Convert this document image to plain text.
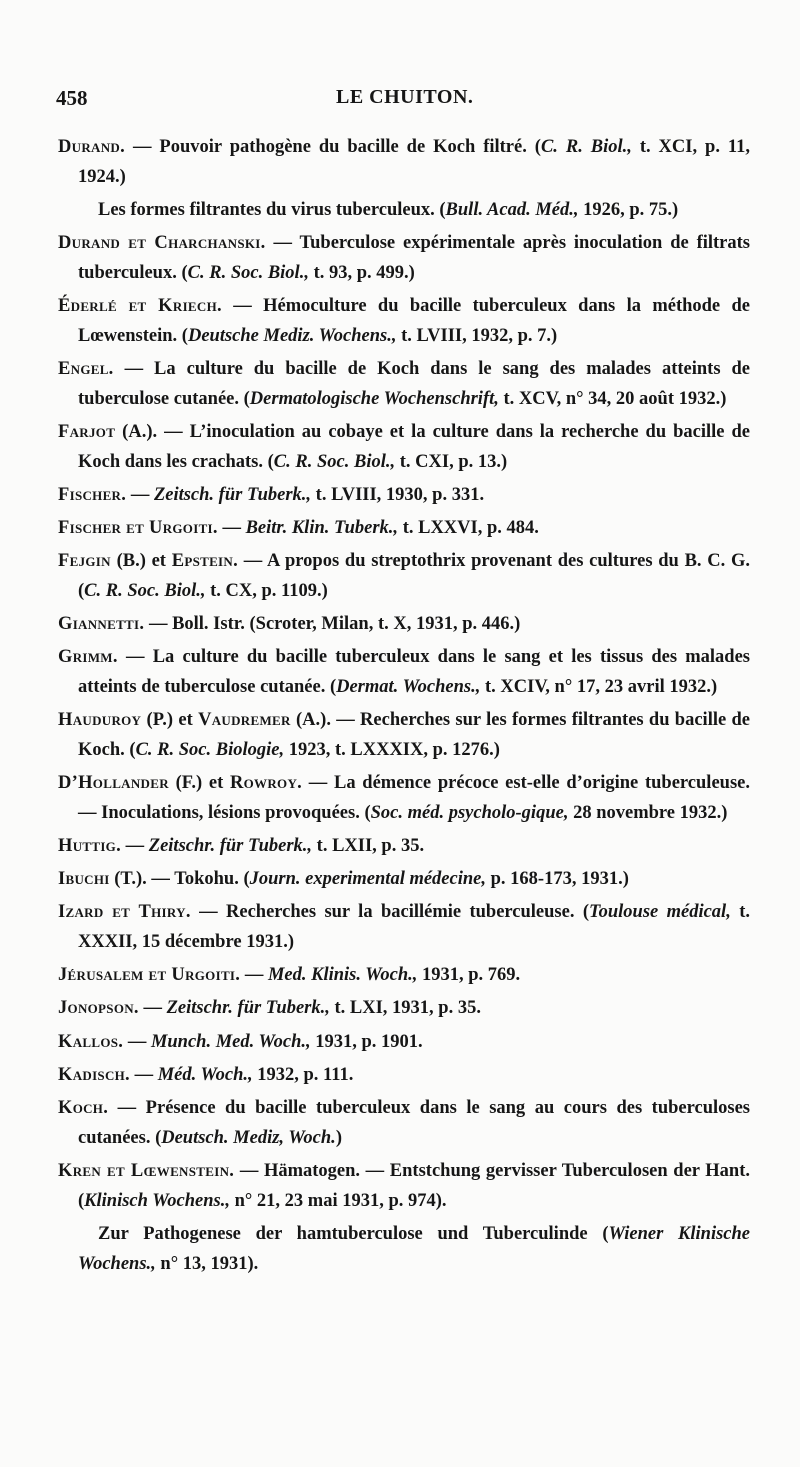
458	LE CHUITON.

Durand. — Pouvoir pathogène du bacille de Koch filtré. (C. R. Biol., t. XCI, p. 11, 1924.)

Les formes filtrantes du virus tuberculeux. (Bull. Acad. Méd., 1926, p. 75.)

Durand et Charchanski. — Tuberculose expérimentale après inoculation de filtrats tuberculeux. (C. R. Soc. Biol., t. 93, p. 499.)

Éderlé et Kriech. — Hémoculture du bacille tuberculeux dans la méthode de Lœwenstein. (Deutsche Mediz. Wochens., t. LVIII, 1932, p. 7.)

Engel. — La culture du bacille de Koch dans le sang des malades atteints de tuberculose cutanée. (Dermatologische Wochenschrift, t. XCV, n° 34, 20 août 1932.)

Farjot (A.). — L’inoculation au cobaye et la culture dans la recherche du bacille de Koch dans les crachats. (C. R. Soc. Biol., t. CXI, p. 13.)

Fischer. — Zeitsch. für Tuberk., t. LVIII, 1930, p. 331.

Fischer et Urgoiti. — Beitr. Klin. Tuberk., t. LXXVI, p. 484.

Fejgin (B.) et Epstein. — A propos du streptothrix provenant des cultures du B. C. G. (C. R. Soc. Biol., t. CX, p. 1109.)

Giannetti. — Boll. Istr. (Scroter, Milan, t. X, 1931, p. 446.)

Grimm. — La culture du bacille tuberculeux dans le sang et les tissus des malades atteints de tuberculose cutanée. (Dermat. Wochens., t. XCIV, n° 17, 23 avril 1932.)

Hauduroy (P.) et Vaudremer (A.). — Recherches sur les formes filtrantes du bacille de Koch. (C. R. Soc. Biologie, 1923, t. LXXXIX, p. 1276.)

D’Hollander (F.) et Rowroy. — La démence précoce est-elle d’origine tuberculeuse. — Inoculations, lésions provoquées. (Soc. méd. psycholo-gique, 28 novembre 1932.)

Huttig. — Zeitschr. für Tuberk., t. LXII, p. 35.

Ibuchi (T.). — Tokohu. (Journ. experimental médecine, p. 168-173, 1931.)

Izard et Thiry. — Recherches sur la bacillémie tuberculeuse. (Toulouse médical, t. XXXII, 15 décembre 1931.)

Jérusalem et Urgoiti. — Med. Klinis. Woch., 1931, p. 769.

Jonopson. — Zeitschr. für Tuberk., t. LXI, 1931, p. 35.

Kallos. — Munch. Med. Woch., 1931, p. 1901.

Kadisch. — Méd. Woch., 1932, p. 111.

Koch. — Présence du bacille tuberculeux dans le sang au cours des tuberculoses cutanées. (Deutsch. Mediz, Woch.)

Kren et Lœwenstein. — Hämatogen. — Entstchung gervisser Tuberculosen der Hant. (Klinisch Wochens., n° 21, 23 mai 1931, p. 974).

Zur Pathogenese der hamtuberculose und Tuberculinde (Wiener Klinische Wochens., n° 13, 1931).
